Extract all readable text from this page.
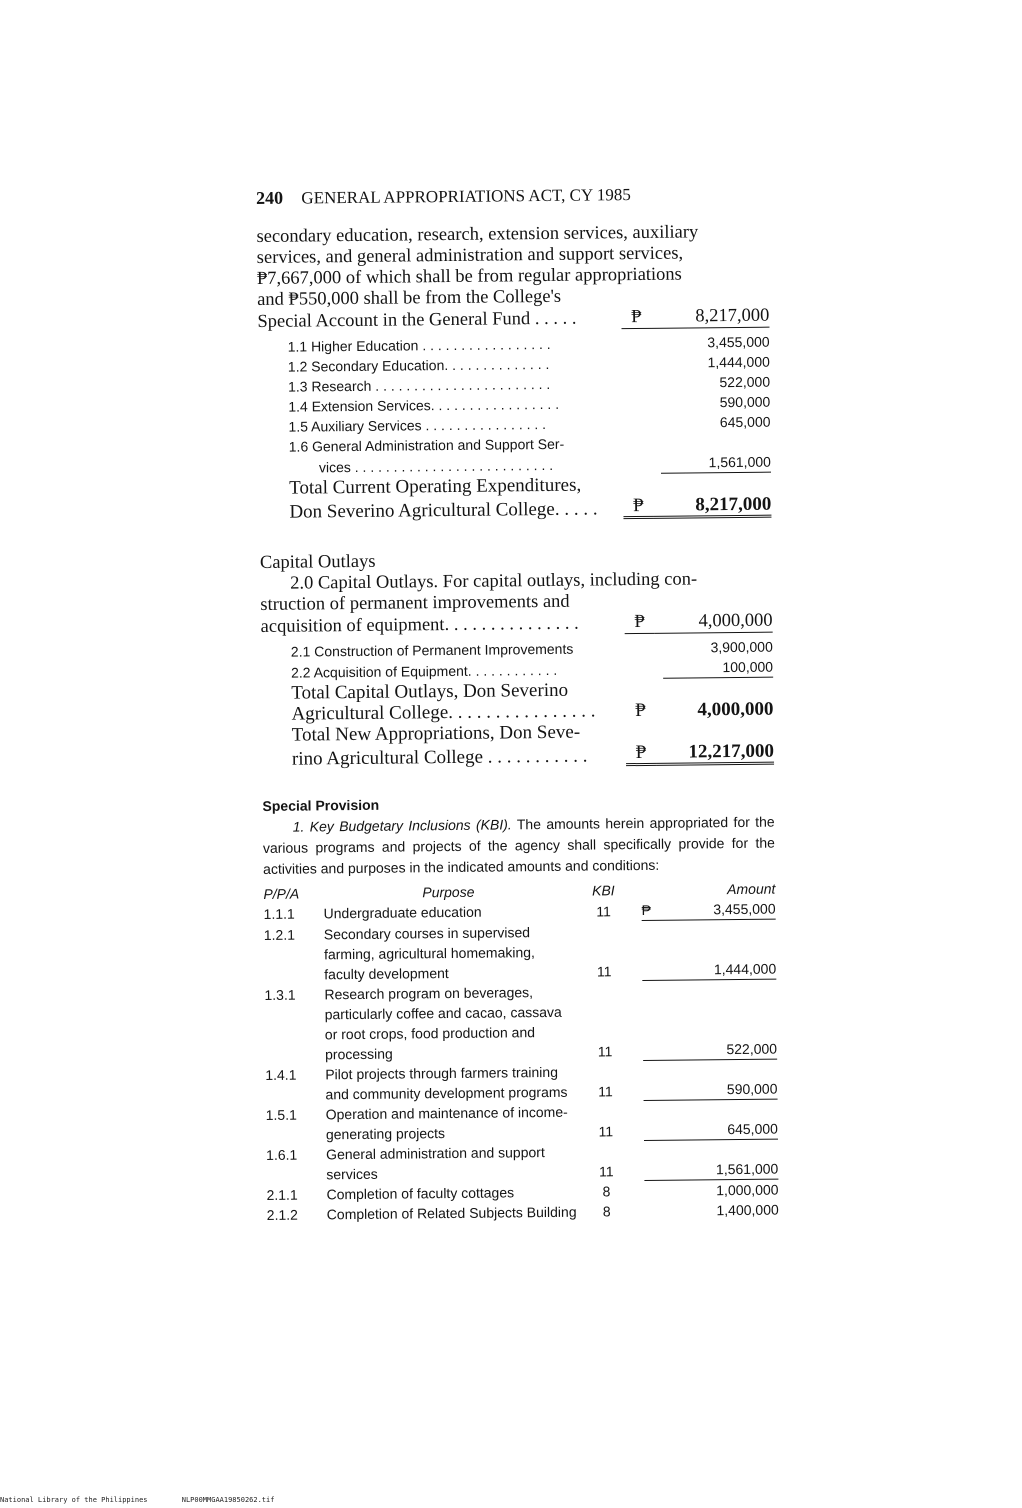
240 GENERAL APPROPRIATIONS ACT, CY 1985
secondary education, research, extension services, auxiliary
services, and general administration and support services,
₱7,667,000 of which shall be from regular appropriations
and ₱550,000 shall be from the College's
Special Account in the General Fund . . . . .	₱	8,217,000
1.1 Higher Education . . . . . . . . . . . . . . . . .	3,455,000
1.2 Secondary Education. . . . . . . . . . . . . .	1,444,000
1.3 Research . . . . . . . . . . . . . . . . . . . . . . .	522,000
1.4 Extension Services. . . . . . . . . . . . . . . . .	590,000
1.5 Auxiliary Services . . . . . . . . . . . . . . . .	645,000
1.6 General Administration and Support Ser-
vices . . . . . . . . . . . . . . . . . . . . . . . . . .	1,561,000
Total Current Operating Expenditures,
Don Severino Agricultural College. . . . .	₱	8,217,000
Capital Outlays
2.0 Capital Outlays. For capital outlays, including con-
struction of permanent improvements and
acquisition of equipment. . . . . . . . . . . . . . .	₱	4,000,000
2.1 Construction of Permanent Improvements	3,900,000
2.2 Acquisition of Equipment. . . . . . . . . . . .	100,000
Total Capital Outlays, Don Severino
Agricultural College. . . . . . . . . . . . . . . .	₱	4,000,000
Total New Appropriations, Don Seve-
rino Agricultural College . . . . . . . . . . .	₱	12,217,000
Special Provision
1. Key Budgetary Inclusions (KBI). The amounts herein appropriated for the various programs and projects of the agency shall specifically provide for the activities and purposes in the indicated amounts and conditions:
P/P/A	Purpose	KBI	Amount
1.1.1	Undergraduate education	11	₱ 3,455,000

1.2.1	Secondary courses in supervised farming, agricultural homemaking, faculty development	11	1,444,000

1.3.1	Research program on beverages, particularly coffee and cacao, cassava or root crops, food production and processing	11	522,000

1.4.1	Pilot projects through farmers training and community development programs	11	590,000

1.5.1	Operation and maintenance of income-generating projects	11	645,000

1.6.1	General administration and support services	11	1,561,000

2.1.1	Completion of faculty cottages	8	1,000,000

2.1.2	Completion of Related Subjects Building	8	1,400,000
National Library of the Philippines	NLP00MMGAA19850262.tif
